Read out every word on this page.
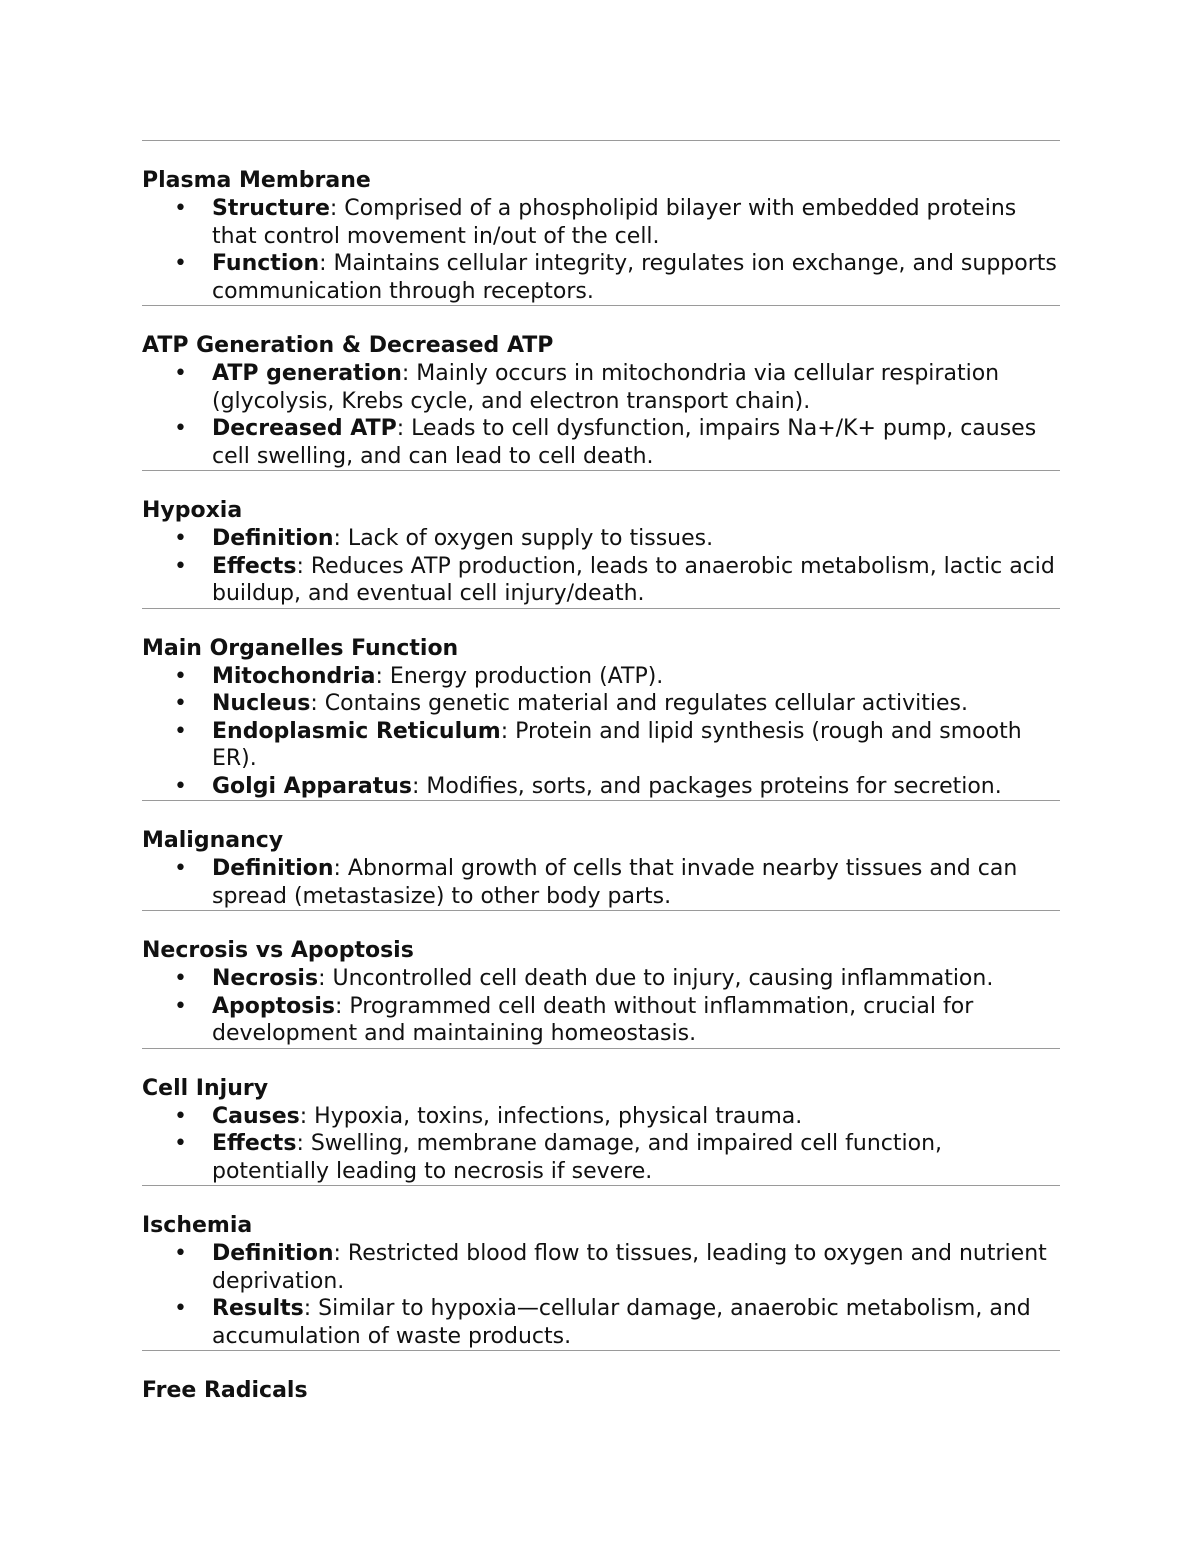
Plasma Membrane
• Structure: Comprised of a phospholipid bilayer with embedded proteins that control movement in/out of the cell.
• Function: Maintains cellular integrity, regulates ion exchange, and supports communication through receptors.
ATP Generation & Decreased ATP
• ATP generation: Mainly occurs in mitochondria via cellular respiration (glycolysis, Krebs cycle, and electron transport chain).
• Decreased ATP: Leads to cell dysfunction, impairs Na+/K+ pump, causes cell swelling, and can lead to cell death.
Hypoxia
• Definition: Lack of oxygen supply to tissues.
• Effects: Reduces ATP production, leads to anaerobic metabolism, lactic acid buildup, and eventual cell injury/death.
Main Organelles Function
• Mitochondria: Energy production (ATP).
• Nucleus: Contains genetic material and regulates cellular activities.
• Endoplasmic Reticulum: Protein and lipid synthesis (rough and smooth ER).
• Golgi Apparatus: Modifies, sorts, and packages proteins for secretion.
Malignancy
• Definition: Abnormal growth of cells that invade nearby tissues and can spread (metastasize) to other body parts.
Necrosis vs Apoptosis
• Necrosis: Uncontrolled cell death due to injury, causing inflammation.
• Apoptosis: Programmed cell death without inflammation, crucial for development and maintaining homeostasis.
Cell Injury
• Causes: Hypoxia, toxins, infections, physical trauma.
• Effects: Swelling, membrane damage, and impaired cell function, potentially leading to necrosis if severe.
Ischemia
• Definition: Restricted blood flow to tissues, leading to oxygen and nutrient deprivation.
• Results: Similar to hypoxia—cellular damage, anaerobic metabolism, and accumulation of waste products.
Free Radicals
